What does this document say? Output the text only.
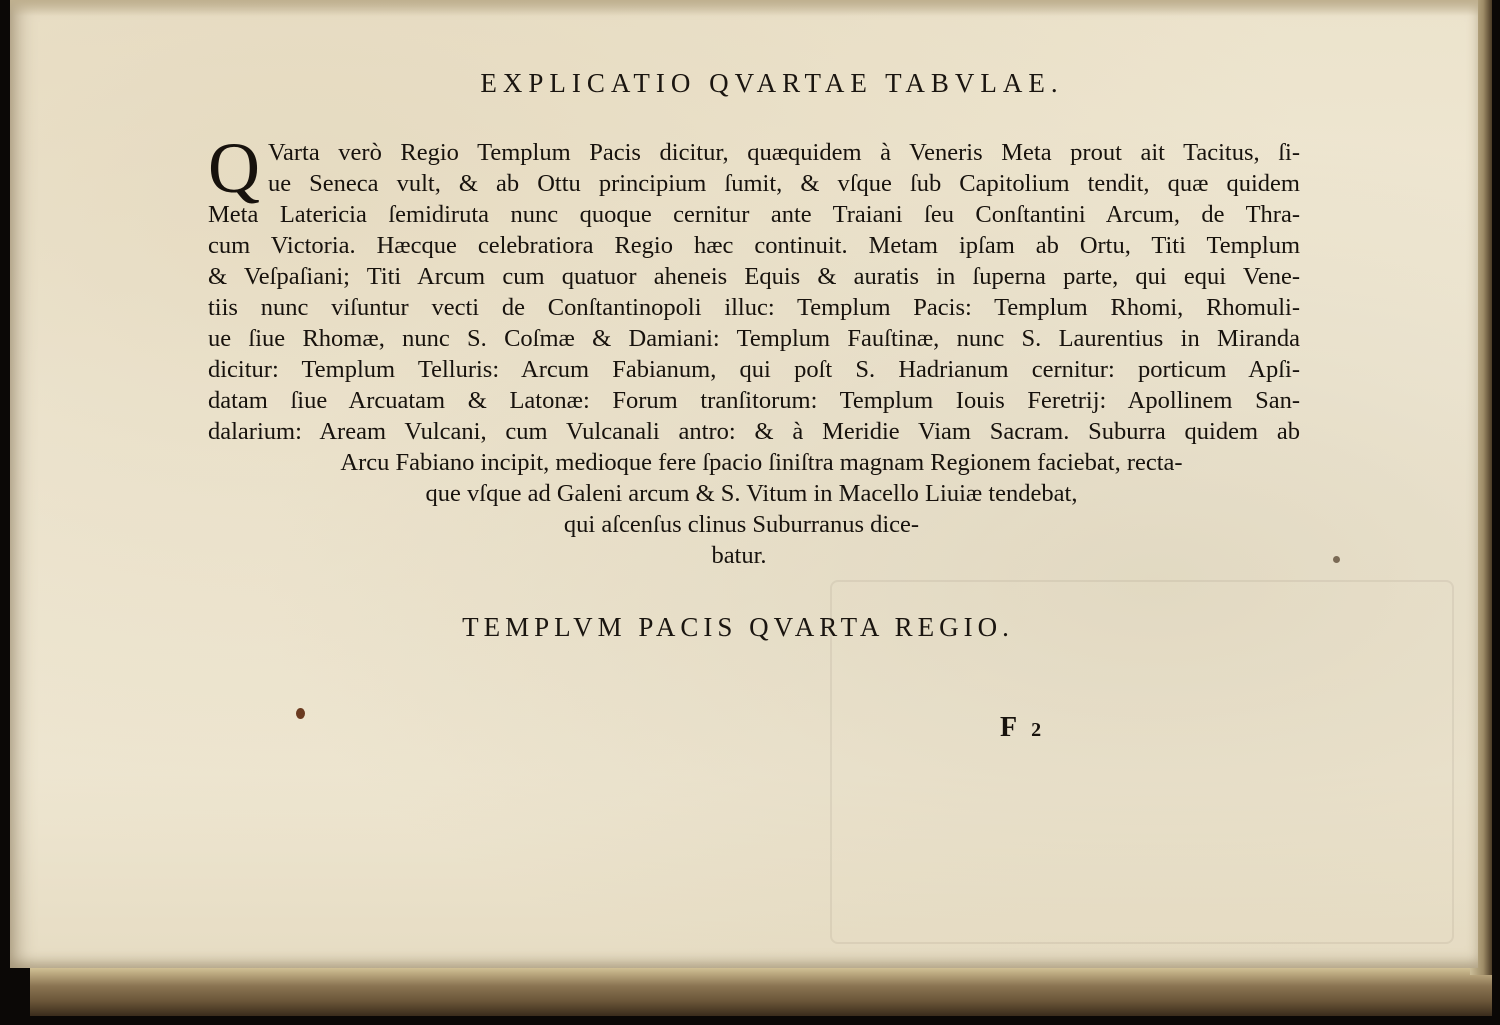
EXPLICATIO QVARTAE TABVLAE.
Q Varta verò Regio Templum Pacis dicitur, quæquidem à Veneris Meta prout ait Tacitus, ſi-
ue Seneca vult, & ab Ottu principium ſumit, & vſque ſub Capitolium tendit, quæ quidem
Meta Latericia ſemidiruta nunc quoque cernitur ante Traiani ſeu Conſtantini Arcum, de Thra-
cum Victoria. Hæcque celebratiora Regio hæc continuit. Metam ipſam ab Ortu, Titi Templum
& Veſpaſiani; Titi Arcum cum quatuor aheneis Equis & auratis in ſuperna parte, qui equi Vene-
tiis nunc viſuntur vecti de Conſtantinopoli illuc: Templum Pacis: Templum Rhomi, Rhomuli-
ue ſiue Rhomæ, nunc S. Coſmæ & Damiani: Templum Fauſtinæ, nunc S. Laurentius in Miranda
dicitur: Templum Telluris: Arcum Fabianum, qui poſt S. Hadrianum cernitur: porticum Apſi-
datam ſiue Arcuatam & Latonæ: Forum tranſitorum: Templum Iouis Feretrij: Apollinem San-
dalarium: Aream Vulcani, cum Vulcanali antro: & à Meridie Viam Sacram. Suburra quidem ab
Arcu Fabiano incipit, medioque fere ſpacio ſiniſtra magnam Regionem faciebat, recta-
que vſque ad Galeni arcum & S. Vitum in Macello Liuiæ tendebat,
qui aſcenſus clinus Suburranus dice-
batur.
TEMPLVM PACIS QVARTA REGIO.
F2
